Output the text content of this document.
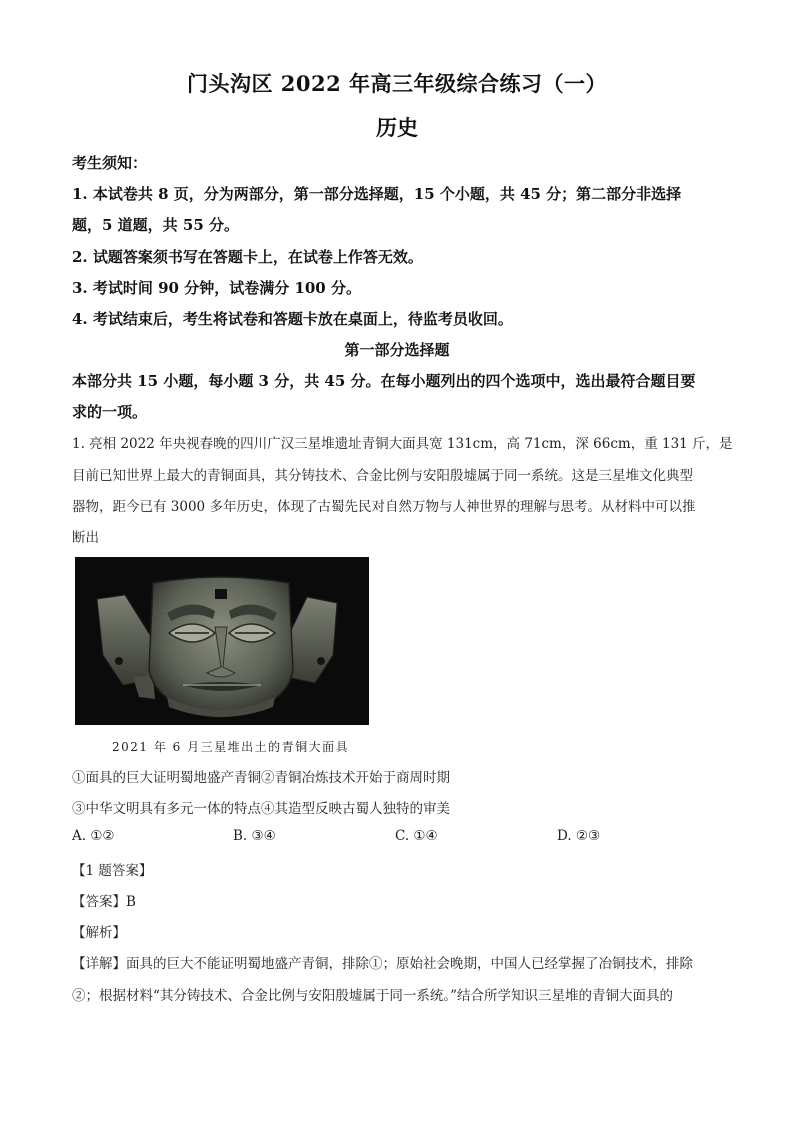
门头沟区 2022 年高三年级综合练习（一）
历史
考生须知：
1. 本试卷共 8 页，分为两部分，第一部分选择题，15 个小题，共 45 分；第二部分非选择
题，5 道题，共 55 分。
2. 试题答案须书写在答题卡上，在试卷上作答无效。
3. 考试时间 90 分钟，试卷满分 100 分。
4. 考试结束后，考生将试卷和答题卡放在桌面上，待监考员收回。
第一部分选择题
本部分共 15 小题，每小题 3 分，共 45 分。在每小题列出的四个选项中，选出最符合题目要
求的一项。
1. 亮相 2022 年央视春晚的四川广汉三星堆遗址青铜大面具宽 131cm，高 71cm，深 66cm，重 131 斤，是
目前已知世界上最大的青铜面具，其分铸技术、合金比例与安阳殷墟属于同一系统。这是三星堆文化典型
器物，距今已有 3000 多年历史，体现了古蜀先民对自然万物与人神世界的理解与思考。从材料中可以推
断出
2021 年 6 月三星堆出土的青铜大面具
①面具的巨大证明蜀地盛产青铜②青铜冶炼技术开始于商周时期
③中华文明具有多元一体的特点④其造型反映古蜀人独特的审美
A. ①②	B. ③④	C. ①④	D. ②③
【1 题答案】
【答案】B
【解析】
【详解】面具的巨大不能证明蜀地盛产青铜，排除①；原始社会晚期，中国人已经掌握了冶铜技术，排除
②；根据材料“其分铸技术、合金比例与安阳殷墟属于同一系统。”结合所学知识三星堆的青铜大面具的
